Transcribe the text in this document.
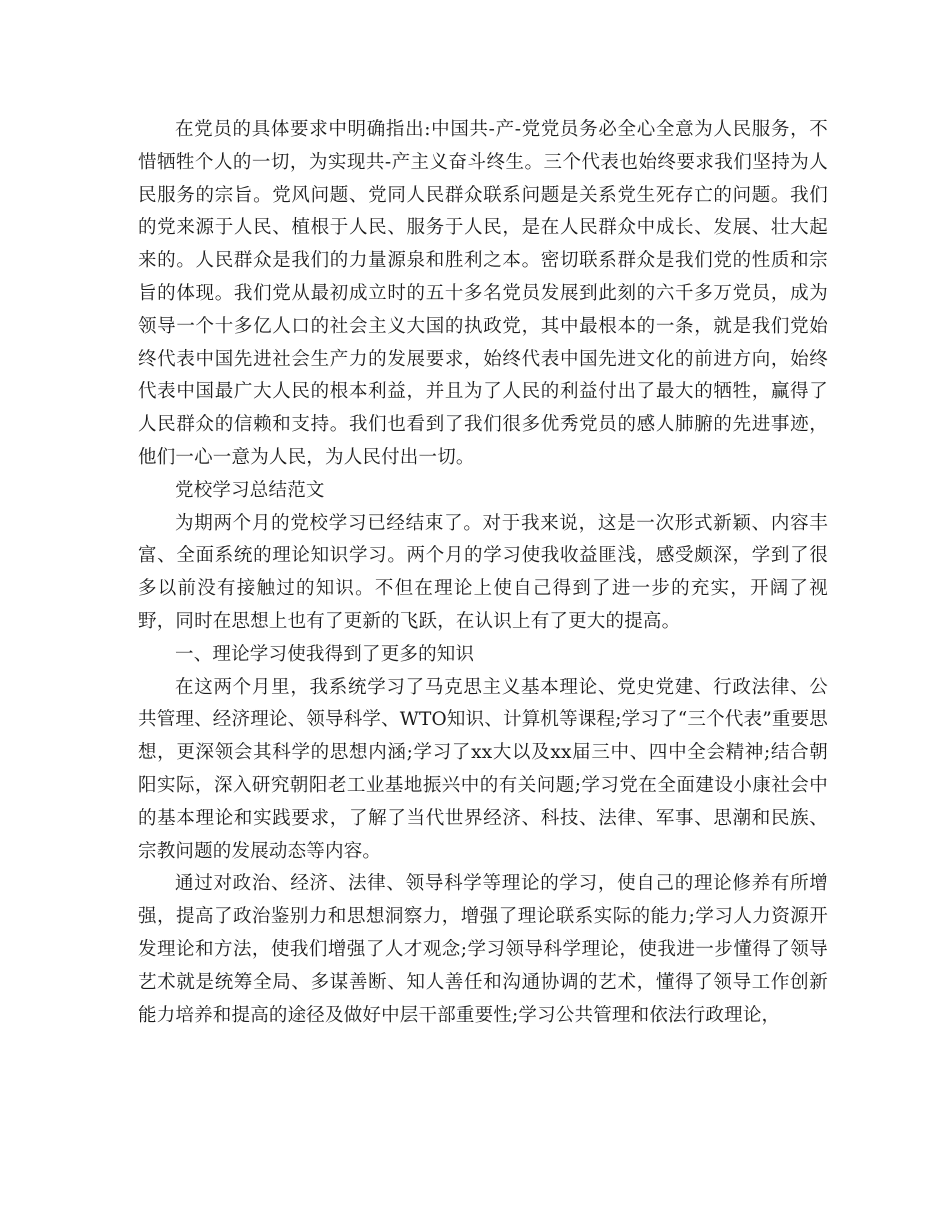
在党员的具体要求中明确指出:中国共-产-党党员务必全心全意为人民服务，不惜牺牲个人的一切，为实现共-产主义奋斗终生。三个代表也始终要求我们坚持为人民服务的宗旨。党风问题、党同人民群众联系问题是关系党生死存亡的问题。我们的党来源于人民、植根于人民、服务于人民，是在人民群众中成长、发展、壮大起来的。人民群众是我们的力量源泉和胜利之本。密切联系群众是我们党的性质和宗旨的体现。我们党从最初成立时的五十多名党员发展到此刻的六千多万党员，成为领导一个十多亿人口的社会主义大国的执政党，其中最根本的一条，就是我们党始终代表中国先进社会生产力的发展要求，始终代表中国先进文化的前进方向，始终代表中国最广大人民的根本利益，并且为了人民的利益付出了最大的牺牲，赢得了人民群众的信赖和支持。我们也看到了我们很多优秀党员的感人肺腑的先进事迹，他们一心一意为人民，为人民付出一切。

党校学习总结范文

为期两个月的党校学习已经结束了。对于我来说，这是一次形式新颖、内容丰富、全面系统的理论知识学习。两个月的学习使我收益匪浅，感受颇深，学到了很多以前没有接触过的知识。不但在理论上使自己得到了进一步的充实，开阔了视野，同时在思想上也有了更新的飞跃，在认识上有了更大的提高。

一、理论学习使我得到了更多的知识

在这两个月里，我系统学习了马克思主义基本理论、党史党建、行政法律、公共管理、经济理论、领导科学、WTO知识、计算机等课程;学习了“三个代表”重要思想，更深领会其科学的思想内涵;学习了xx大以及xx届三中、四中全会精神;结合朝阳实际，深入研究朝阳老工业基地振兴中的有关问题;学习党在全面建设小康社会中的基本理论和实践要求，了解了当代世界经济、科技、法律、军事、思潮和民族、宗教问题的发展动态等内容。

通过对政治、经济、法律、领导科学等理论的学习，使自己的理论修养有所增强，提高了政治鉴别力和思想洞察力，增强了理论联系实际的能力;学习人力资源开发理论和方法，使我们增强了人才观念;学习领导科学理论，使我进一步懂得了领导艺术就是统筹全局、多谋善断、知人善任和沟通协调的艺术，懂得了领导工作创新能力培养和提高的途径及做好中层干部重要性;学习公共管理和依法行政理论，
